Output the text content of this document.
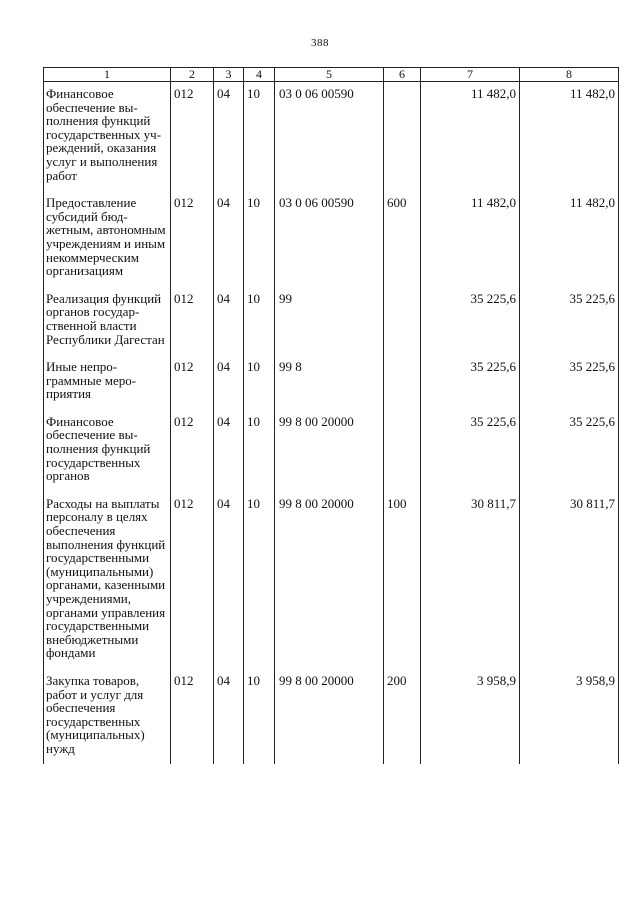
388
1	2	3	4	5	6	7	8
Финансовое обеспечение выполнения функций государственных учреждений, оказания услуг и выполнения работ	012	04	10	03 0 06 00590		11 482,0	11 482,0
Предоставление субсидий бюджетным, автономным учреждениям и иным некоммерческим организациям	012	04	10	03 0 06 00590	600	11 482,0	11 482,0
Реализация функций органов государственной власти Республики Дагестан	012	04	10	99		35 225,6	35 225,6
Иные непрограммные мероприятия	012	04	10	99 8		35 225,6	35 225,6
Финансовое обеспечение выполнения функций государственных органов	012	04	10	99 8 00 20000		35 225,6	35 225,6
Расходы на выплаты персоналу в целях обеспечения выполнения функций государственными (муниципальными) органами, казенными учреждениями, органами управления государственными внебюджетными фондами	012	04	10	99 8 00 20000	100	30 811,7	30 811,7
Закупка товаров, работ и услуг для обеспечения государственных (муниципальных) нужд	012	04	10	99 8 00 20000	200	3 958,9	3 958,9
